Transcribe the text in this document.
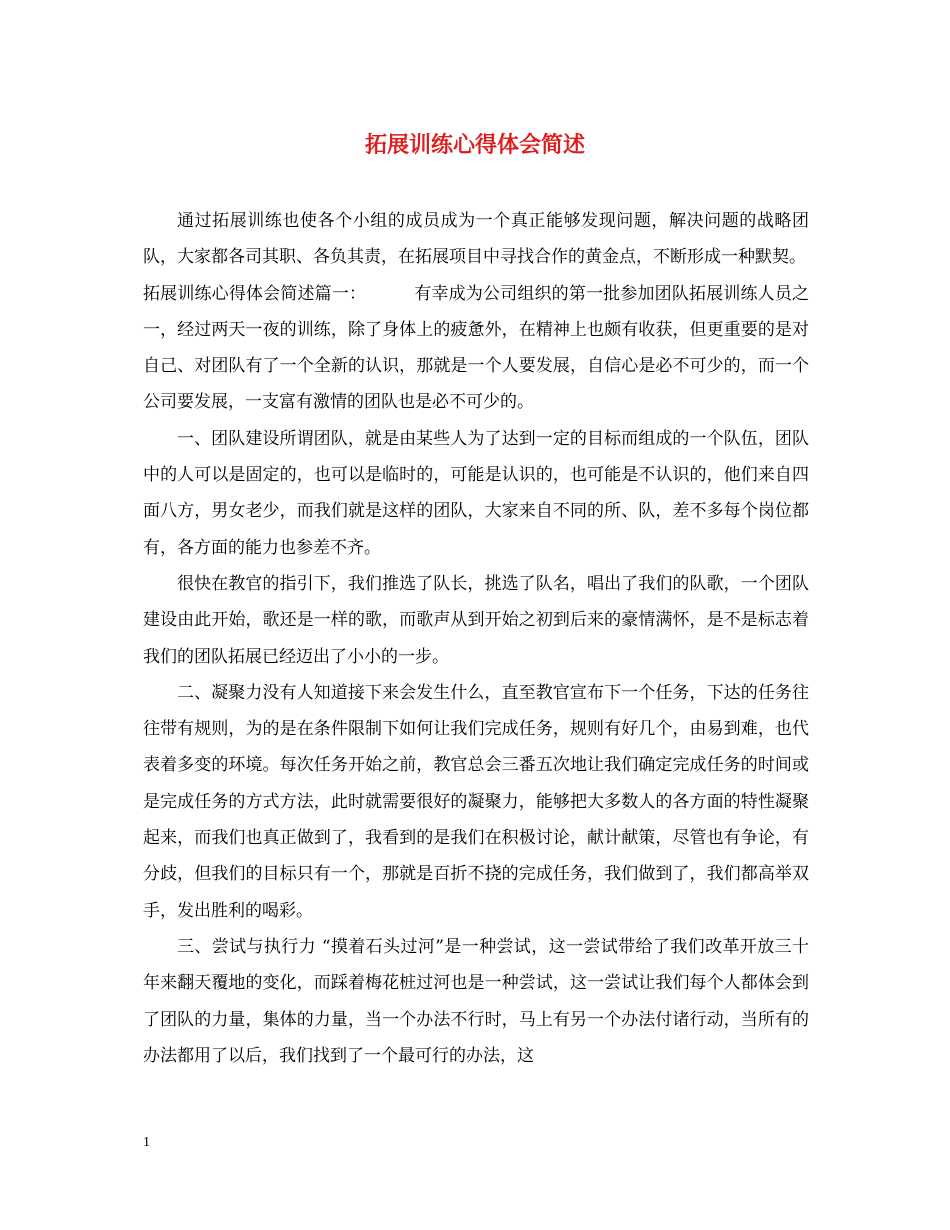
拓展训练心得体会简述

通过拓展训练也使各个小组的成员成为一个真正能够发现问题，解决问题的战略团队，大家都各司其职、各负其责，在拓展项目中寻找合作的黄金点，不断形成一种默契。

拓展训练心得体会简述篇一：	有幸成为公司组织的第一批参加团队拓展训练人员之一，经过两天一夜的训练，除了身体上的疲惫外，在精神上也颇有收获，但更重要的是对自己、对团队有了一个全新的认识，那就是一个人要发展，自信心是必不可少的，而一个公司要发展，一支富有激情的团队也是必不可少的。

一、团队建设所谓团队，就是由某些人为了达到一定的目标而组成的一个队伍，团队中的人可以是固定的，也可以是临时的，可能是认识的，也可能是不认识的，他们来自四面八方，男女老少，而我们就是这样的团队，大家来自不同的所、队，差不多每个岗位都有，各方面的能力也参差不齐。

很快在教官的指引下，我们推选了队长，挑选了队名，唱出了我们的队歌，一个团队建设由此开始，歌还是一样的歌，而歌声从到开始之初到后来的豪情满怀，是不是标志着我们的团队拓展已经迈出了小小的一步。

二、凝聚力没有人知道接下来会发生什么，直至教官宣布下一个任务，下达的任务往往带有规则，为的是在条件限制下如何让我们完成任务，规则有好几个，由易到难，也代表着多变的环境。每次任务开始之前，教官总会三番五次地让我们确定完成任务的时间或是完成任务的方式方法，此时就需要很好的凝聚力，能够把大多数人的各方面的特性凝聚起来，而我们也真正做到了，我看到的是我们在积极讨论，献计献策，尽管也有争论，有分歧，但我们的目标只有一个，那就是百折不挠的完成任务，我们做到了，我们都高举双手，发出胜利的喝彩。

三、尝试与执行力 “摸着石头过河”是一种尝试，这一尝试带给了我们改革开放三十年来翻天覆地的变化，而踩着梅花桩过河也是一种尝试，这一尝试让我们每个人都体会到了团队的力量，集体的力量，当一个办法不行时，马上有另一个办法付诸行动，当所有的办法都用了以后，我们找到了一个最可行的办法，这

1
